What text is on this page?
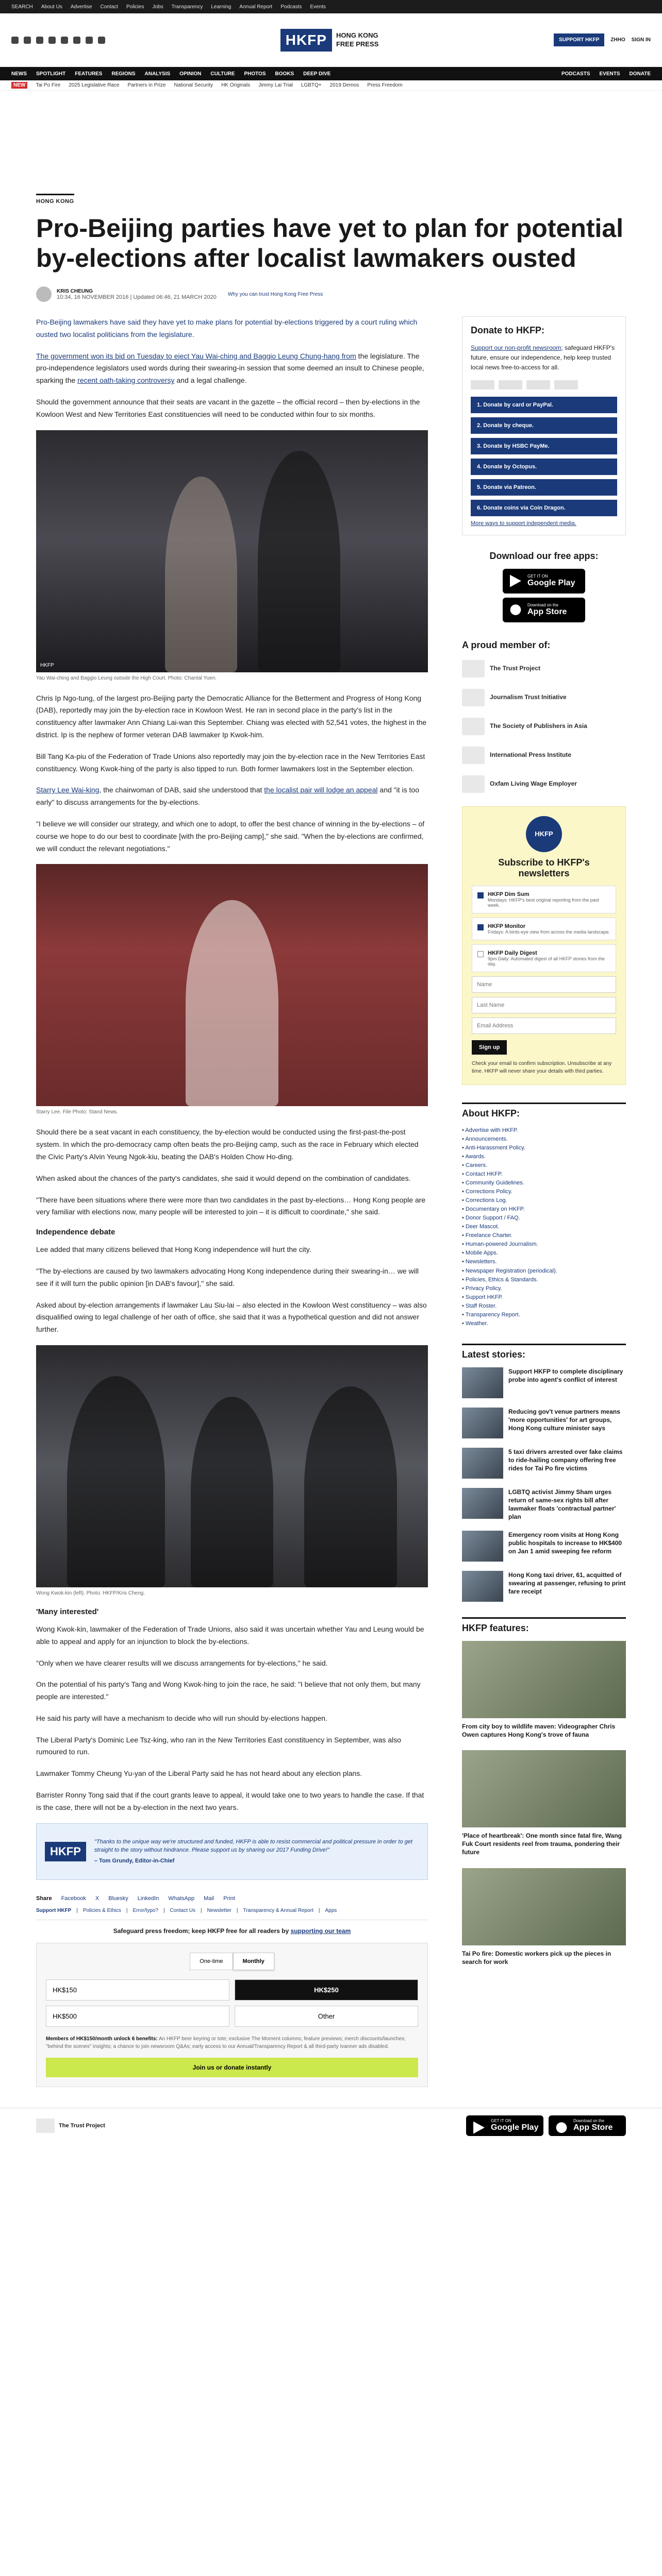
SEARCH About Us Advertise Contact Policies Jobs Transparency Learning Annual Report Podcasts Events
HKFP	HONG KONG
FREE PRESS	SUPPORT HKFP	ZHHO SIGN IN
NEWS SPOTLIGHT FEATURES REGIONS ANALYSIS OPINION CULTURE PHOTOS BOOKS DEEP DIVE	PODCASTS EVENTS DONATE
NEW	Tai Po Fire 2025 Legislative Race Partners in Prize National Security HK Originals Jimmy Lai Trial LGBTQ+ 2019 Demos Press Freedom
HONG KONG
Pro-Beijing parties have yet to plan for potential by-elections after localist lawmakers ousted
KRIS CHEUNG
10:34, 16 NOVEMBER 2016 | Updated 06:46, 21 MARCH 2020 Why you can trust Hong Kong Free Press

Pro-Beijing lawmakers have said they have yet to make plans for potential by-elections triggered by a court ruling which ousted two localist politicians from the legislature.

The government won its bid on Tuesday to eject Yau Wai-ching and Baggio Leung Chung-hang from the legislature. The pro-independence legislators used words during their swearing-in session that some deemed an insult to Chinese people, sparking the recent oath-taking controversy and a legal challenge.

Should the government announce that their seats are vacant in the gazette – the official record – then by-elections in the Kowloon West and New Territories East constituencies will need to be conducted within four to six months.

HKFP
Yau Wai-ching and Baggio Leung outside the High Court. Photo: Chantal Yuen.

Chris Ip Ngo-tung, of the largest pro-Beijing party the Democratic Alliance for the Betterment and Progress of Hong Kong (DAB), reportedly may join the by-election race in Kowloon West. He ran in second place in the party's list in the constituency after lawmaker Ann Chiang Lai-wan this September. Chiang was elected with 52,541 votes, the highest in the district. Ip is the nephew of former veteran DAB lawmaker Ip Kwok-him.

Bill Tang Ka-piu of the Federation of Trade Unions also reportedly may join the by-election race in the New Territories East constituency. Wong Kwok-hing of the party is also tipped to run. Both former lawmakers lost in the September election.

Starry Lee Wai-king, the chairwoman of DAB, said she understood that the localist pair will lodge an appeal and "it is too early" to discuss arrangements for the by-elections.

"I believe we will consider our strategy, and which one to adopt, to offer the best chance of winning in the by-elections – of course we hope to do our best to coordinate [with the pro-Beijing camp]," she said. "When the by-elections are confirmed, we will conduct the relevant negotiations."

Starry Lee. File Photo: Stand News.

Should there be a seat vacant in each constituency, the by-election would be conducted using the first-past-the-post system. In which the pro-democracy camp often beats the pro-Beijing camp, such as the race in February which elected the Civic Party's Alvin Yeung Ngok-kiu, beating the DAB's Holden Chow Ho-ding.

When asked about the chances of the party's candidates, she said it would depend on the combination of candidates.

"There have been situations where there were more than two candidates in the past by-elections… Hong Kong people are very familiar with elections now, many people will be interested to join – it is difficult to coordinate," she said.

Independence debate

Lee added that many citizens believed that Hong Kong independence will hurt the city.

"The by-elections are caused by two lawmakers advocating Hong Kong independence during their swearing-in… we will see if it will turn the public opinion [in DAB's favour]," she said.

Asked about by-election arrangements if lawmaker Lau Siu-lai – also elected in the Kowloon West constituency – was also disqualified owing to legal challenge of her oath of office, she said that it was a hypothetical question and did not answer further.

Wong Kwok-kin (left). Photo: HKFP/Kris Cheng.
'Many interested'

Wong Kwok-kin, lawmaker of the Federation of Trade Unions, also said it was uncertain whether Yau and Leung would be able to appeal and apply for an injunction to block the by-elections.

"Only when we have clearer results will we discuss arrangements for by-elections," he said.

On the potential of his party's Tang and Wong Kwok-hing to join the race, he said: "I believe that not only them, but many people are interested."

He said his party will have a mechanism to decide who will run should by-elections happen.

The Liberal Party's Dominic Lee Tsz-king, who ran in the New Territories East constituency in September, was also rumoured to run.

Lawmaker Tommy Cheung Yu-yan of the Liberal Party said he has not heard about any election plans.

Barrister Ronny Tong said that if the court grants leave to appeal, it would take one to two years to handle the case. If that is the case, there will not be a by-election in the next two years.

HKFP
"Thanks to the unique way we're structured and funded, HKFP is able to resist commercial and political pressure in order to get straight to the story without hindrance. Please support us by sharing our 2017 Funding Drive!"
– Tom Grundy, Editor-in-Chief
Share Facebook X Bluesky LinkedIn WhatsApp Mail Print
Support HKFP | Policies & Ethics | Error/typo? | Contact Us | Newsletter | Transparency & Annual Report | Apps
Safeguard press freedom; keep HKFP free for all readers by supporting our team
One-time	Monthly
HK$150	HK$250
HK$500	Other
Members of HK$150/month unlock 6 benefits: An HKFP beer keyring or tote; exclusive The Moment columns; feature previews; merch discounts/launches; "behind the scenes" insights; a chance to join newsroom Q&As; early access to our Annual/Transparency Report & all third-party Ivanner ads disabled.
Join us or donate instantly
Donate to HKFP:
Support our non-profit newsroom; safeguard HKFP's future, ensure our independence, help keep trusted local news free-to-access for all.
1. Donate by card or PayPal.
2. Donate by cheque.
3. Donate by HSBC PayMe.
4. Donate by Octopus.
5. Donate via Patreon.
6. Donate coins via Coin Dragon.
More ways to support independent media.
Download our free apps:
GET IT ON
Google Play
Download on the
App Store
A proud member of:
The Trust Project
Journalism Trust Initiative
The Society of Publishers in Asia
International Press Institute
Oxfam Living Wage Employer
HKFP
Subscribe to HKFP's newsletters
HKFP Dim Sum
Mondays: HKFP's best original reporting from the past week.
HKFP Monitor
Fridays: A birds-eye view from across the media landscape.
HKFP Daily Digest
9pm Daily: Automated digest of all HKFP stories from the day.
Name Last Name Email Address
Sign up
Check your email to confirm subscription. Unsubscribe at any time. HKFP will never share your details with third parties.
About HKFP:
• Advertise with HKFP.
• Announcements.
• Anti-Harassment Policy.
• Awards.
• Careers.
• Contact HKFP.
• Community Guidelines.
• Corrections Policy.
• Corrections Log.
• Documentary on HKFP.
• Donor Support / FAQ.
• Deer Mascot.
• Freelance Charter.
• Human-powered Journalism.
• Mobile Apps.
• Newsletters.
• Newspaper Registration (periodical).
• Policies, Ethics & Standards.
• Privacy Policy.
• Support HKFP.
• Staff Roster.
• Transparency Report.
• Weather.
Latest stories:
Support HKFP to complete disciplinary probe into agent's conflict of interest
Reducing gov't venue partners means 'more opportunities' for art groups, Hong Kong culture minister says
5 taxi drivers arrested over fake claims to ride-hailing company offering free rides for Tai Po fire victims
LGBTQ activist Jimmy Sham urges return of same-sex rights bill after lawmaker floats 'contractual partner' plan
Emergency room visits at Hong Kong public hospitals to increase to HK$400 on Jan 1 amid sweeping fee reform
Hong Kong taxi driver, 61, acquitted of swearing at passenger, refusing to print fare receipt
HKFP features:
From city boy to wildlife maven: Videographer Chris Owen captures Hong Kong's trove of fauna
'Place of heartbreak': One month since fatal fire, Wang Fuk Court residents reel from trauma, pondering their future
Tai Po fire: Domestic workers pick up the pieces in search for work
The Trust Project
GET IT ON
Google Play
Download on the
App Store
